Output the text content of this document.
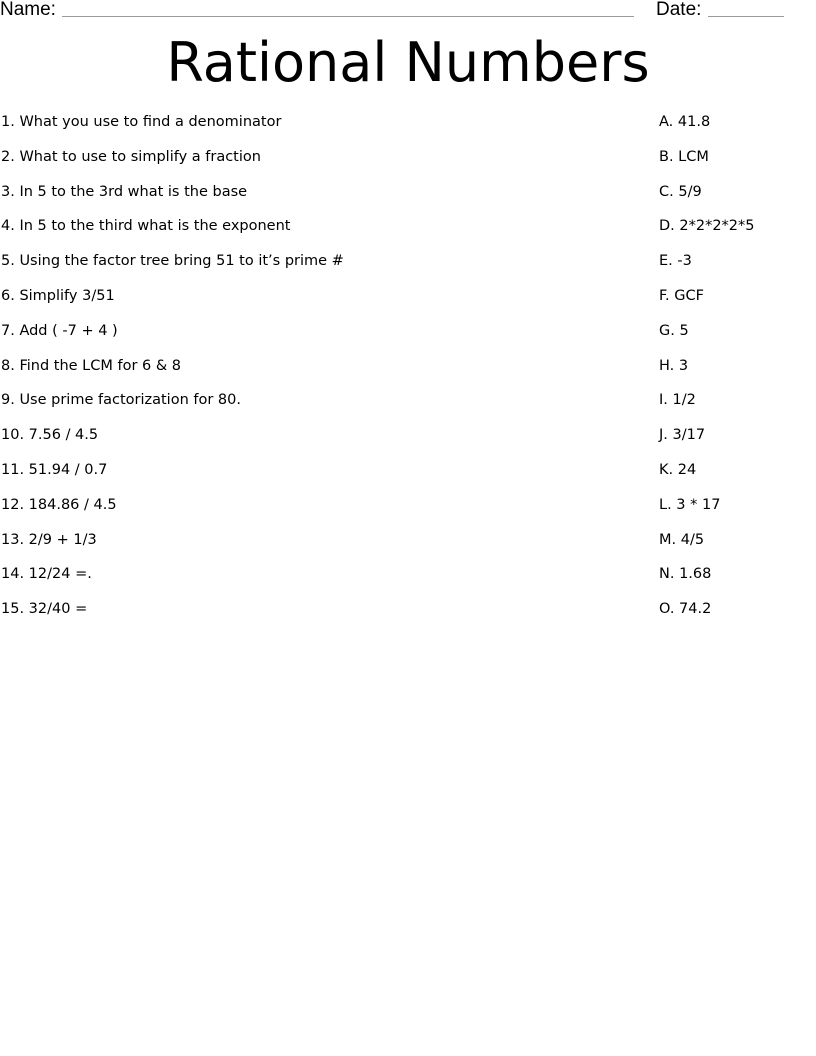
Name:	Date:
Rational Numbers
1. What you use to find a denominator
2. What to use to simplify a fraction
3. In 5 to the 3rd what is the base
4. In 5 to the third what is the exponent
5. Using the factor tree bring 51 to it’s prime #
6. Simplify 3/51
7. Add ( -7 + 4 )
8. Find the LCM for 6 & 8
9. Use prime factorization for 80.
10. 7.56 / 4.5
11. 51.94 / 0.7
12. 184.86 / 4.5
13. 2/9 + 1/3
14. 12/24 =.
15. 32/40 =
A. 41.8
B. LCM
C. 5/9
D. 2*2*2*2*5
E. -3
F. GCF
G. 5
H. 3
I. 1/2
J. 3/17
K. 24
L. 3 * 17
M. 4/5
N. 1.68
O. 74.2
